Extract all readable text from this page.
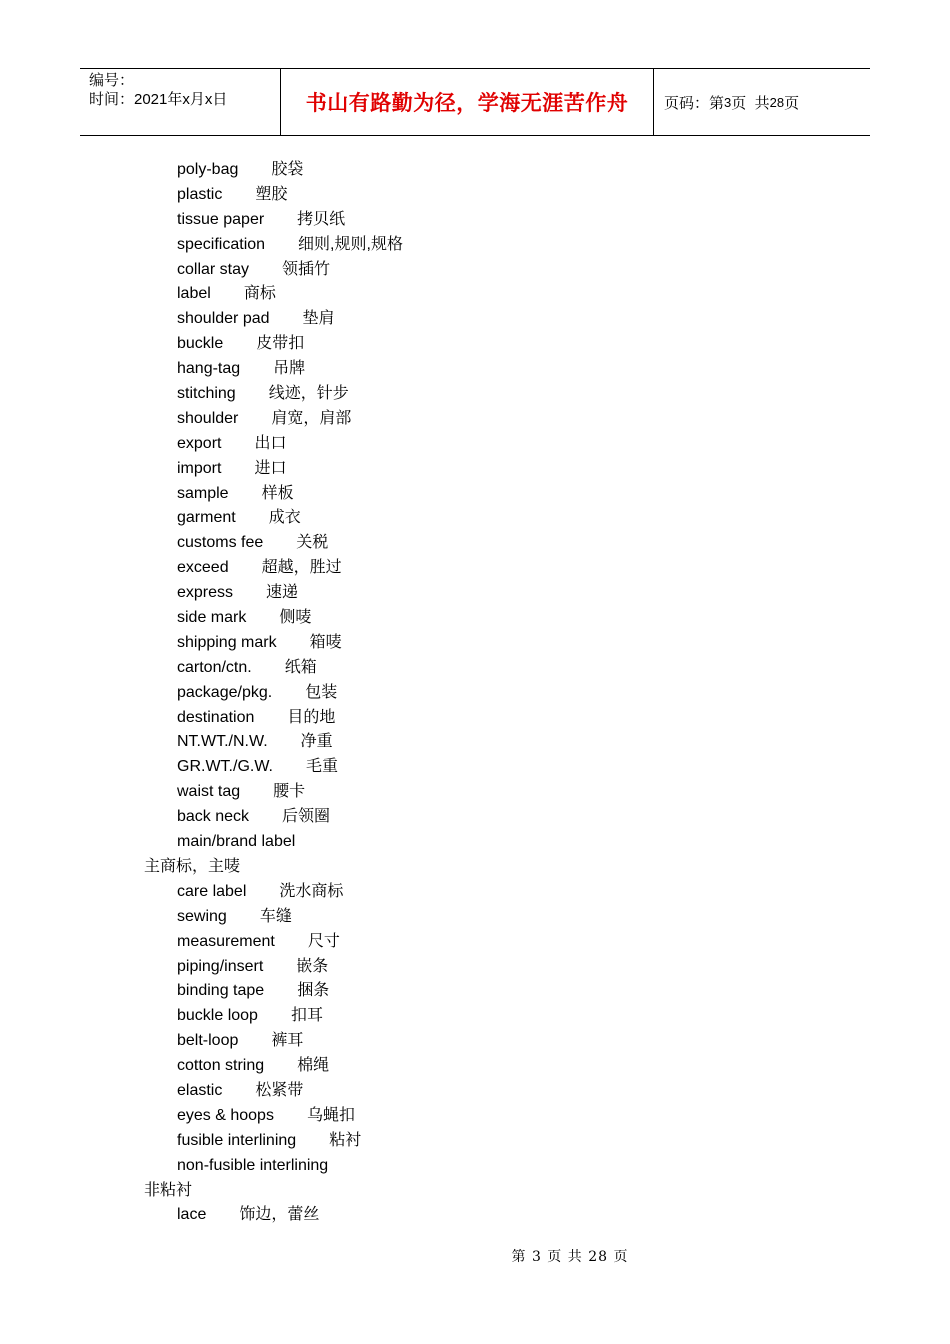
编号：
时间：2021年x月x日	书山有路勤为径，学海无涯苦作舟	页码：第 3 页  共 28 页
poly-bag 胶袋
plastic 塑胶
tissue paper 拷贝纸
specification 细则,规则,规格
collar stay 领插竹
label 商标
shoulder pad 垫肩
buckle 皮带扣
hang-tag 吊牌
stitching 线迹，针步
shoulder 肩宽，肩部
export 出口
import 进口
sample 样板
garment 成衣
customs fee 关税
exceed 超越，胜过
express 速递
side mark 侧唛
shipping mark 箱唛
carton/ctn. 纸箱
package/pkg. 包装
destination 目的地
NT.WT./N.W. 净重
GR.WT./G.W. 毛重
waist tag 腰卡
back neck 后领圈
main/brand label
主商标，主唛
care label 洗水商标
sewing 车缝
measurement 尺寸
piping/insert 嵌条
binding tape 捆条
buckle loop 扣耳
belt-loop 裤耳
cotton string 棉绳
elastic 松紧带
eyes & hoops 乌蝇扣
fusible interlining 粘衬
non-fusible interlining
非粘衬
lace 饰边，蕾丝
第 3 页 共 28 页
